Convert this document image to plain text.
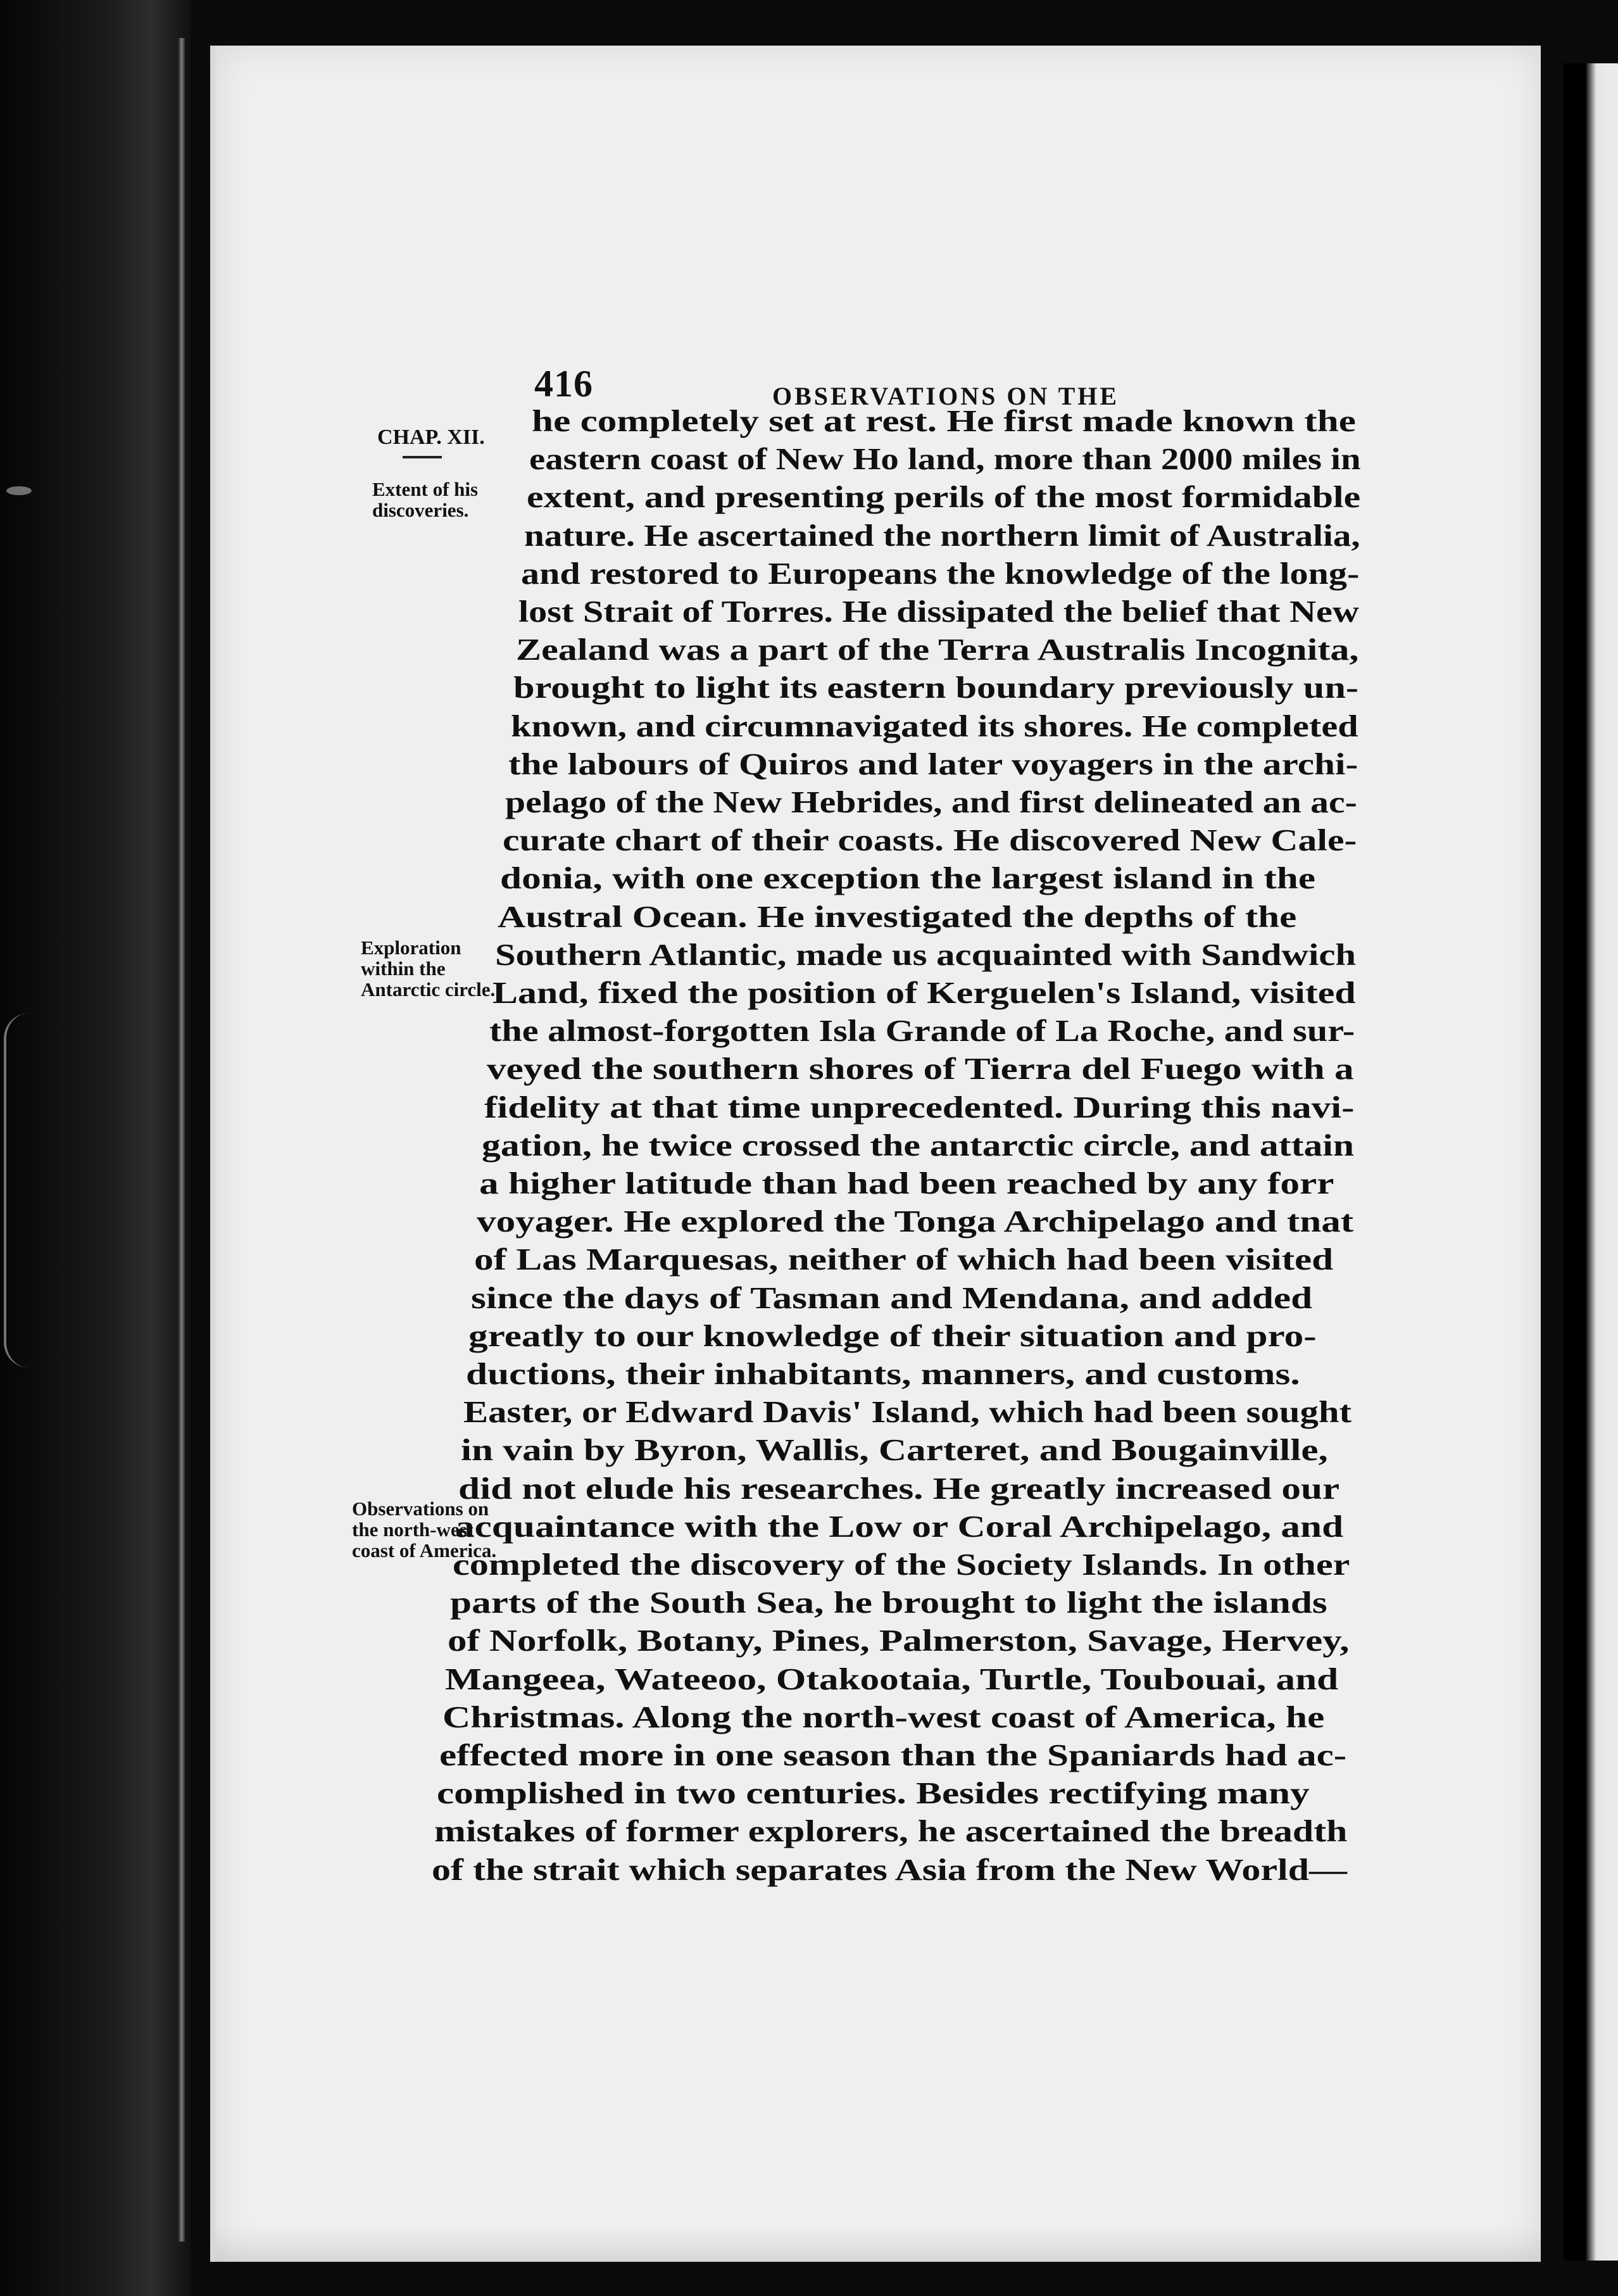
416	OBSERVATIONS ON THE
CHAP. XII.
Extent of his discoveries.
Exploration within the Antarctic circle.
Observations on the north-west coast of America.
he completely set at rest. He first made known the
eastern coast of New Ho land, more than 2000 miles in
extent, and presenting perils of the most formidable
nature. He ascertained the northern limit of Australia,
and restored to Europeans the knowledge of the long-
lost Strait of Torres. He dissipated the belief that New
Zealand was a part of the Terra Australis Incognita,
brought to light its eastern boundary previously un-
known, and circumnavigated its shores. He completed
the labours of Quiros and later voyagers in the archi-
pelago of the New Hebrides, and first delineated an ac-
curate chart of their coasts. He discovered New Cale-
donia, with one exception the largest island in the
Austral Ocean. He investigated the depths of the
Southern Atlantic, made us acquainted with Sandwich
Land, fixed the position of Kerguelen's Island, visited
the almost-forgotten Isla Grande of La Roche, and sur-
veyed the southern shores of Tierra del Fuego with a
fidelity at that time unprecedented. During this navi-
gation, he twice crossed the antarctic circle, and attain
a higher latitude than had been reached by any forr
voyager. He explored the Tonga Archipelago and tnat
of Las Marquesas, neither of which had been visited
since the days of Tasman and Mendana, and added
greatly to our knowledge of their situation and pro-
ductions, their inhabitants, manners, and customs.
Easter, or Edward Davis' Island, which had been sought
in vain by Byron, Wallis, Carteret, and Bougainville,
did not elude his researches. He greatly increased our
acquaintance with the Low or Coral Archipelago, and
completed the discovery of the Society Islands. In other
parts of the South Sea, he brought to light the islands
of Norfolk, Botany, Pines, Palmerston, Savage, Hervey,
Mangeea, Wateeoo, Otakootaia, Turtle, Toubouai, and
Christmas. Along the north-west coast of America, he
effected more in one season than the Spaniards had ac-
complished in two centuries. Besides rectifying many
mistakes of former explorers, he ascertained the breadth
of the strait which separates Asia from the New World—
